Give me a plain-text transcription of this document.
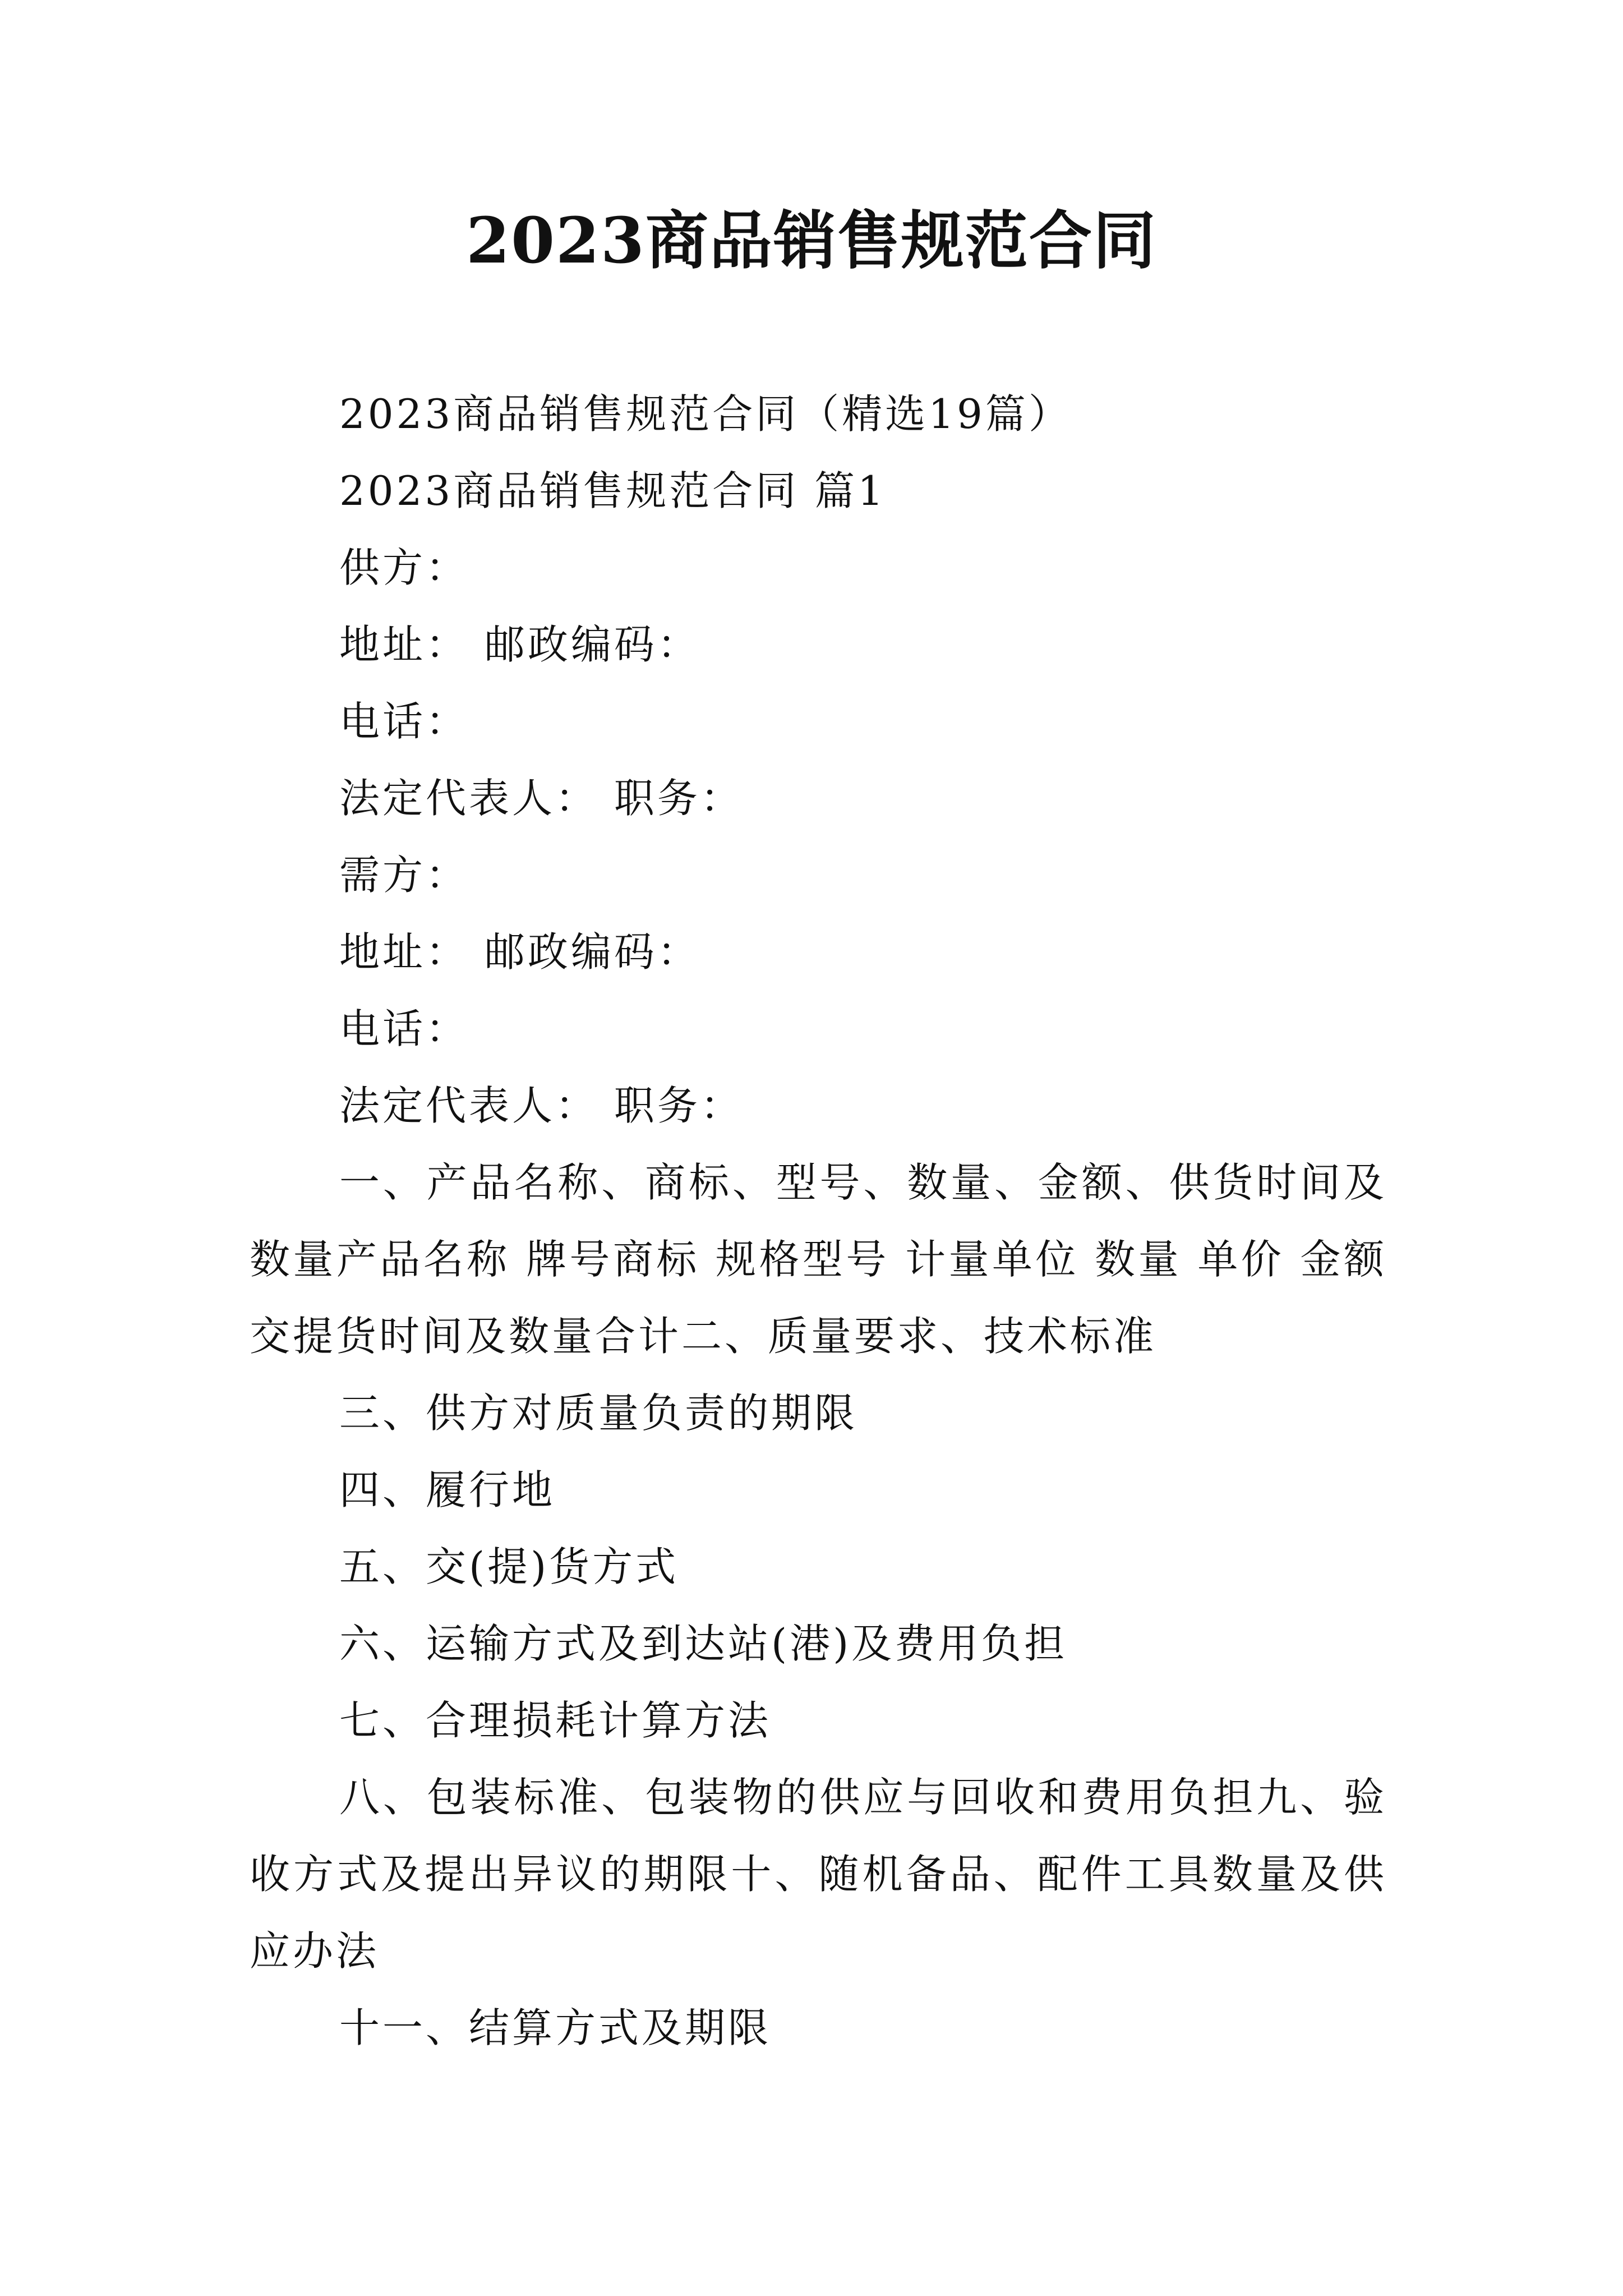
2023商品销售规范合同

2023商品销售规范合同（精选19篇）

2023商品销售规范合同 篇1

供方：

地址： 邮政编码：

电话：

法定代表人： 职务：

需方：

地址： 邮政编码：

电话：

法定代表人： 职务：

一、产品名称、商标、型号、数量、金额、供货时间及数量产品名称 牌号商标 规格型号 计量单位 数量 单价 金额交提货时间及数量合计二、质量要求、技术标准

三、供方对质量负责的期限

四、履行地

五、交(提)货方式

六、运输方式及到达站(港)及费用负担

七、合理损耗计算方法

八、包装标准、包装物的供应与回收和费用负担九、验收方式及提出异议的期限十、随机备品、配件工具数量及供应办法

十一、结算方式及期限
